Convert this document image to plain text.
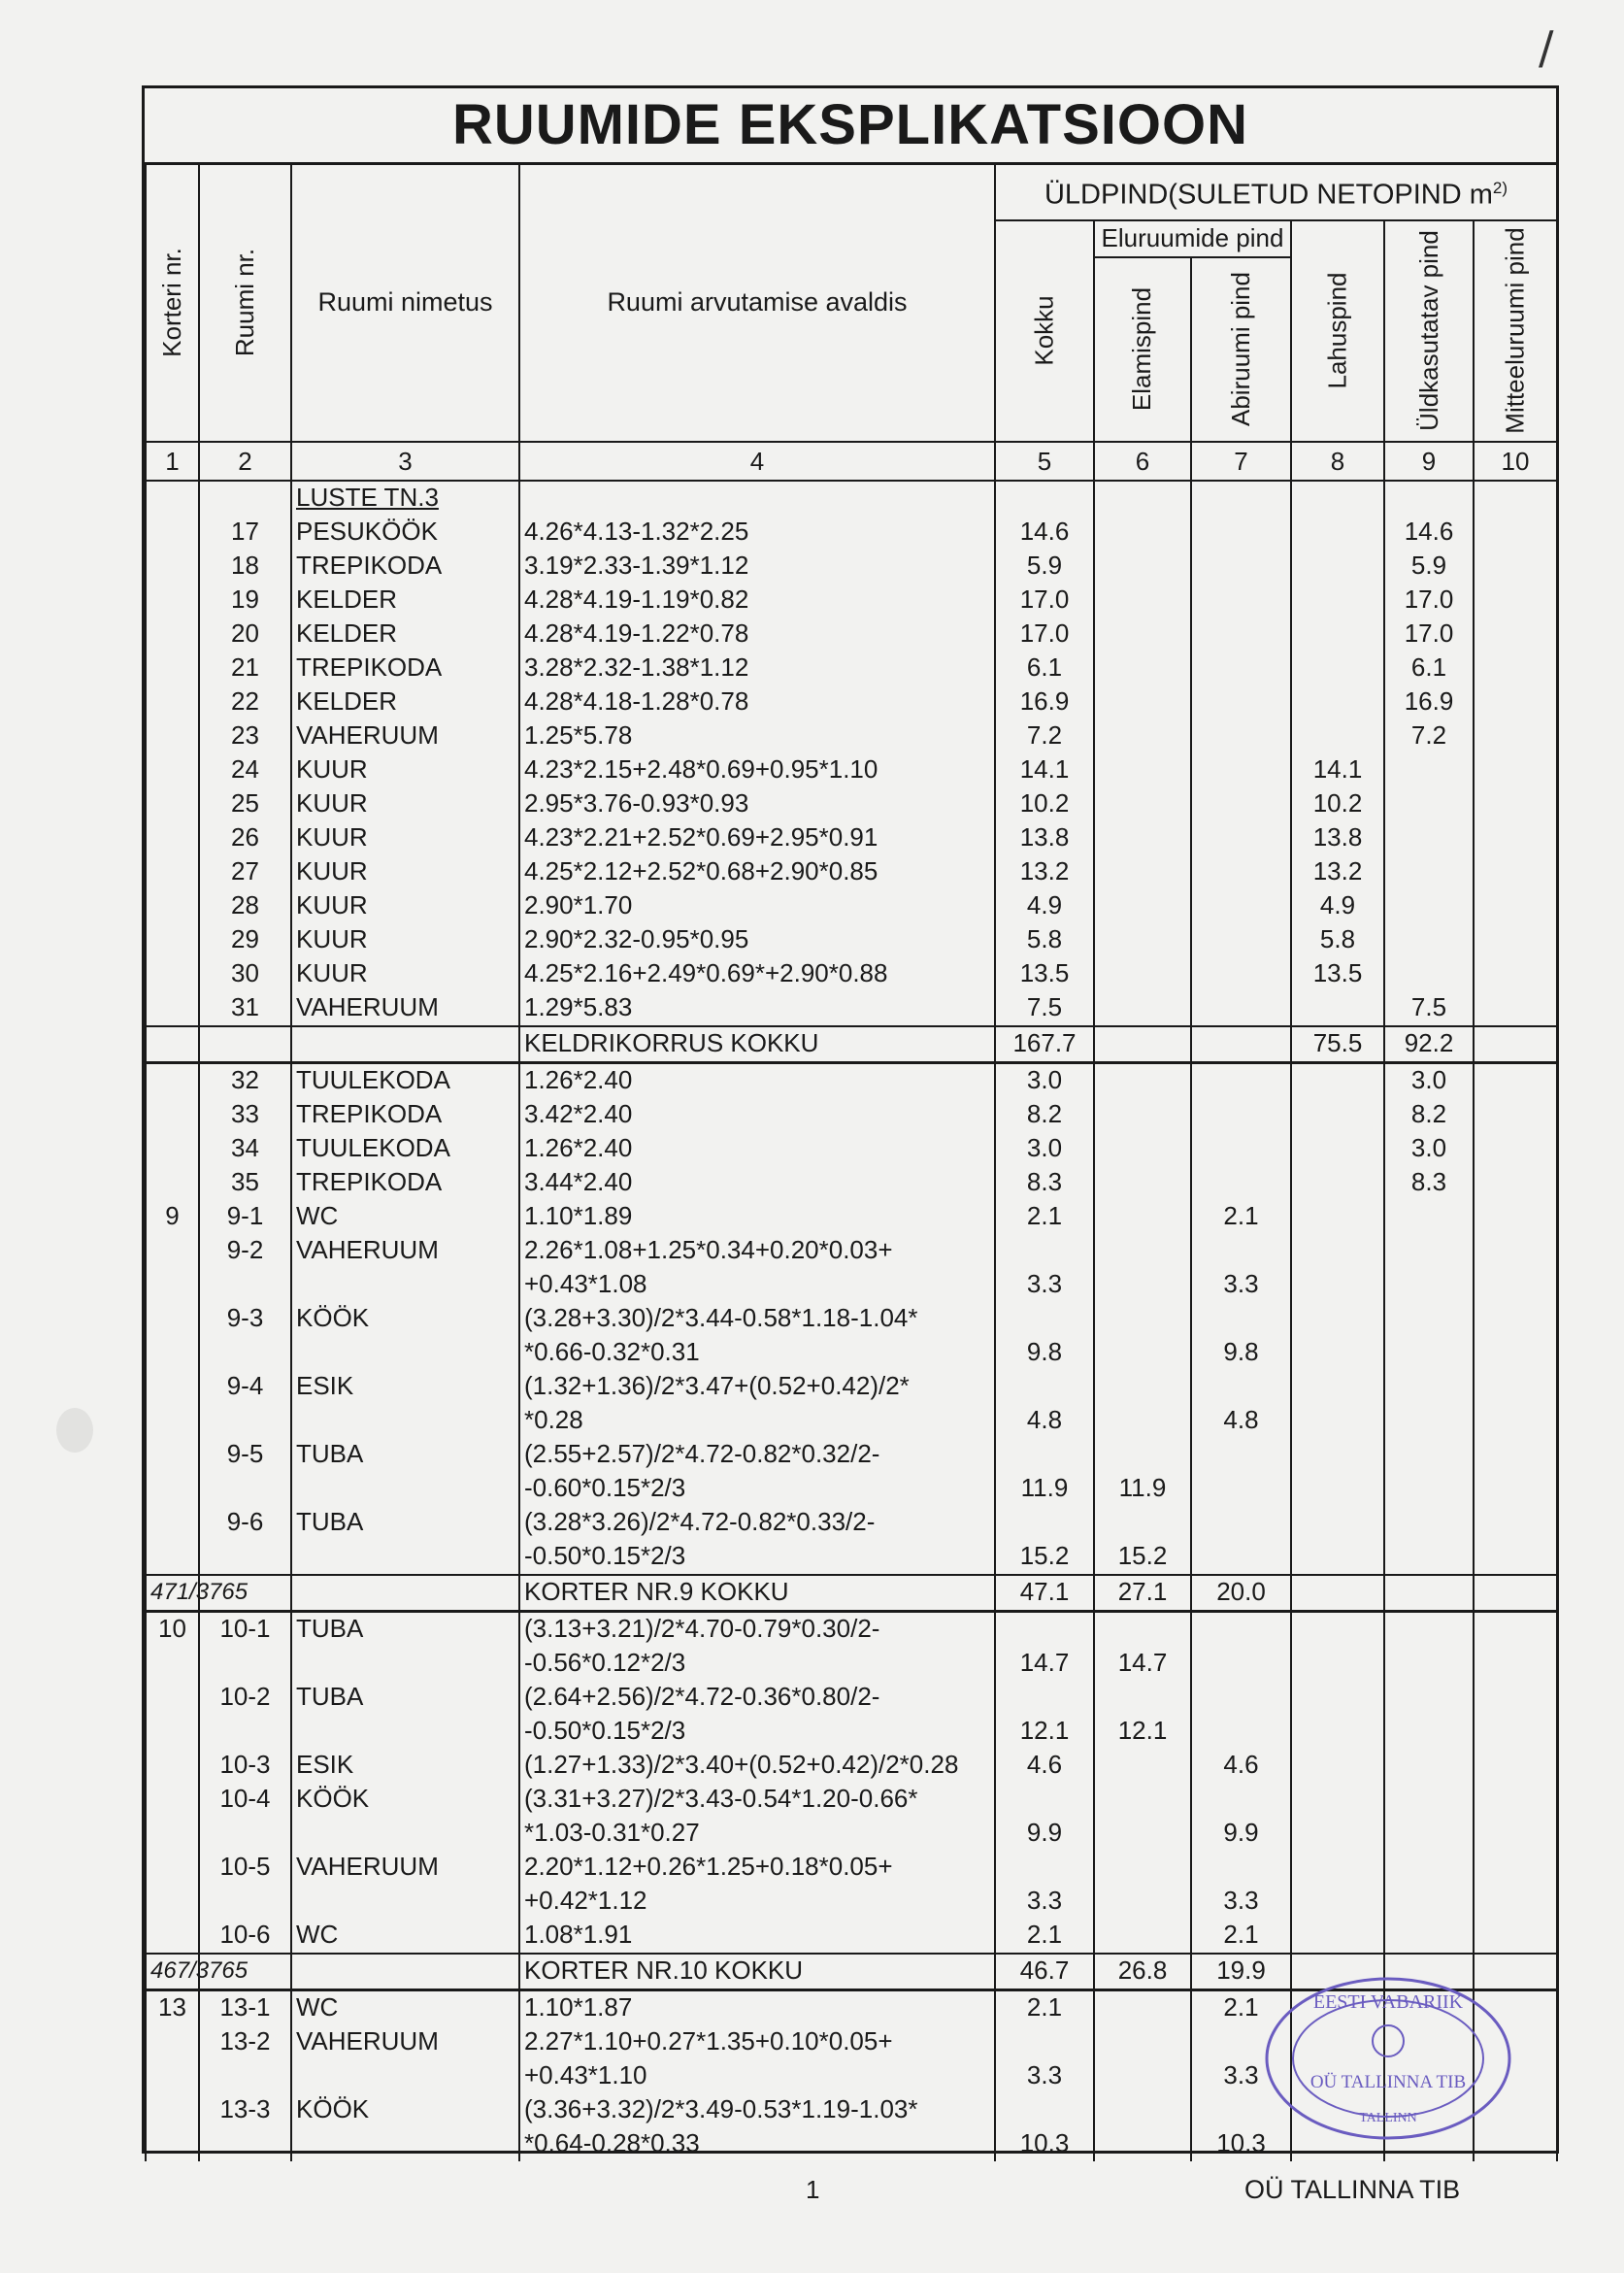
/
RUUMIDE EKSPLIKATSIOON
Korteri nr.	Ruumi nr.	Ruumi nimetus	Ruumi arvutamise avaldis	ÜLDPIND(SULETUD NETOPIND $m^{2)}$

				Kokku	Eluruumide pind		Lahuspind	Üldkasutatav pind	Mitteeluruumi pind

					Elamispind	Abiruumi pind			

1	2	3	4	5	6	7	8	9	10
		LUSTE TN.3							
	17	PESUKÖÖK	4.26*4.13-1.32*2.25	14.6				14.6	
	18	TREPIKODA	3.19*2.33-1.39*1.12	5.9				5.9	
	19	KELDER	4.28*4.19-1.19*0.82	17.0				17.0	
	20	KELDER	4.28*4.19-1.22*0.78	17.0				17.0	
	21	TREPIKODA	3.28*2.32-1.38*1.12	6.1				6.1	
	22	KELDER	4.28*4.18-1.28*0.78	16.9				16.9	
	23	VAHERUUM	1.25*5.78	7.2				7.2	
	24	KUUR	4.23*2.15+2.48*0.69+0.95*1.10	14.1			14.1		
	25	KUUR	2.95*3.76-0.93*0.93	10.2			10.2		
	26	KUUR	4.23*2.21+2.52*0.69+2.95*0.91	13.8			13.8		
	27	KUUR	4.25*2.12+2.52*0.68+2.90*0.85	13.2			13.2		
	28	KUUR	2.90*1.70	4.9			4.9		
	29	KUUR	2.90*2.32-0.95*0.95	5.8			5.8		
	30	KUUR	4.25*2.16+2.49*0.69*+2.90*0.88	13.5			13.5		
	31	VAHERUUM	1.29*5.83	7.5				7.5	
			KELDRIKORRUS KOKKU	167.7			75.5	92.2	
	32	TUULEKODA	1.26*2.40	3.0				3.0	
	33	TREPIKODA	3.42*2.40	8.2				8.2	
	34	TUULEKODA	1.26*2.40	3.0				3.0	
	35	TREPIKODA	3.44*2.40	8.3				8.3	
9	9-1	WC	1.10*1.89	2.1		2.1			
	9-2	VAHERUUM	2.26*1.08+1.25*0.34+0.20*0.03+						
			+0.43*1.08	3.3		3.3			
	9-3	KÖÖK	(3.28+3.30)/2*3.44-0.58*1.18-1.04*						
			*0.66-0.32*0.31	9.8		9.8			
	9-4	ESIK	(1.32+1.36)/2*3.47+(0.52+0.42)/2*						
			*0.28	4.8		4.8			
	9-5	TUBA	(2.55+2.57)/2*4.72-0.82*0.32/2-						
			-0.60*0.15*2/3	11.9	11.9				
	9-6	TUBA	(3.28*3.26)/2*4.72-0.82*0.33/2-						
			-0.50*0.15*2/3	15.2	15.2				
471/3765			KORTER NR.9 KOKKU	47.1	27.1	20.0			
10	10-1	TUBA	(3.13+3.21)/2*4.70-0.79*0.30/2-						
			-0.56*0.12*2/3	14.7	14.7				
	10-2	TUBA	(2.64+2.56)/2*4.72-0.36*0.80/2-						
			-0.50*0.15*2/3	12.1	12.1				
	10-3	ESIK	(1.27+1.33)/2*3.40+(0.52+0.42)/2*0.28	4.6		4.6			
	10-4	KÖÖK	(3.31+3.27)/2*3.43-0.54*1.20-0.66*						
			*1.03-0.31*0.27	9.9		9.9			
	10-5	VAHERUUM	2.20*1.12+0.26*1.25+0.18*0.05+						
			+0.42*1.12	3.3		3.3			
	10-6	WC	1.08*1.91	2.1		2.1			
467/3765			KORTER NR.10 KOKKU	46.7	26.8	19.9			
13	13-1	WC	1.10*1.87	2.1		2.1			
	13-2	VAHERUUM	2.27*1.10+0.27*1.35+0.10*0.05+						
			+0.43*1.10	3.3		3.3			
	13-3	KÖÖK	(3.36+3.32)/2*3.49-0.53*1.19-1.03*						
			*0.64-0.28*0.33	10.3		10.3			
EESTI VABARIIK
OÜ TALLINNA TIB
TALLINN
1	OÜ TALLINNA TIB
